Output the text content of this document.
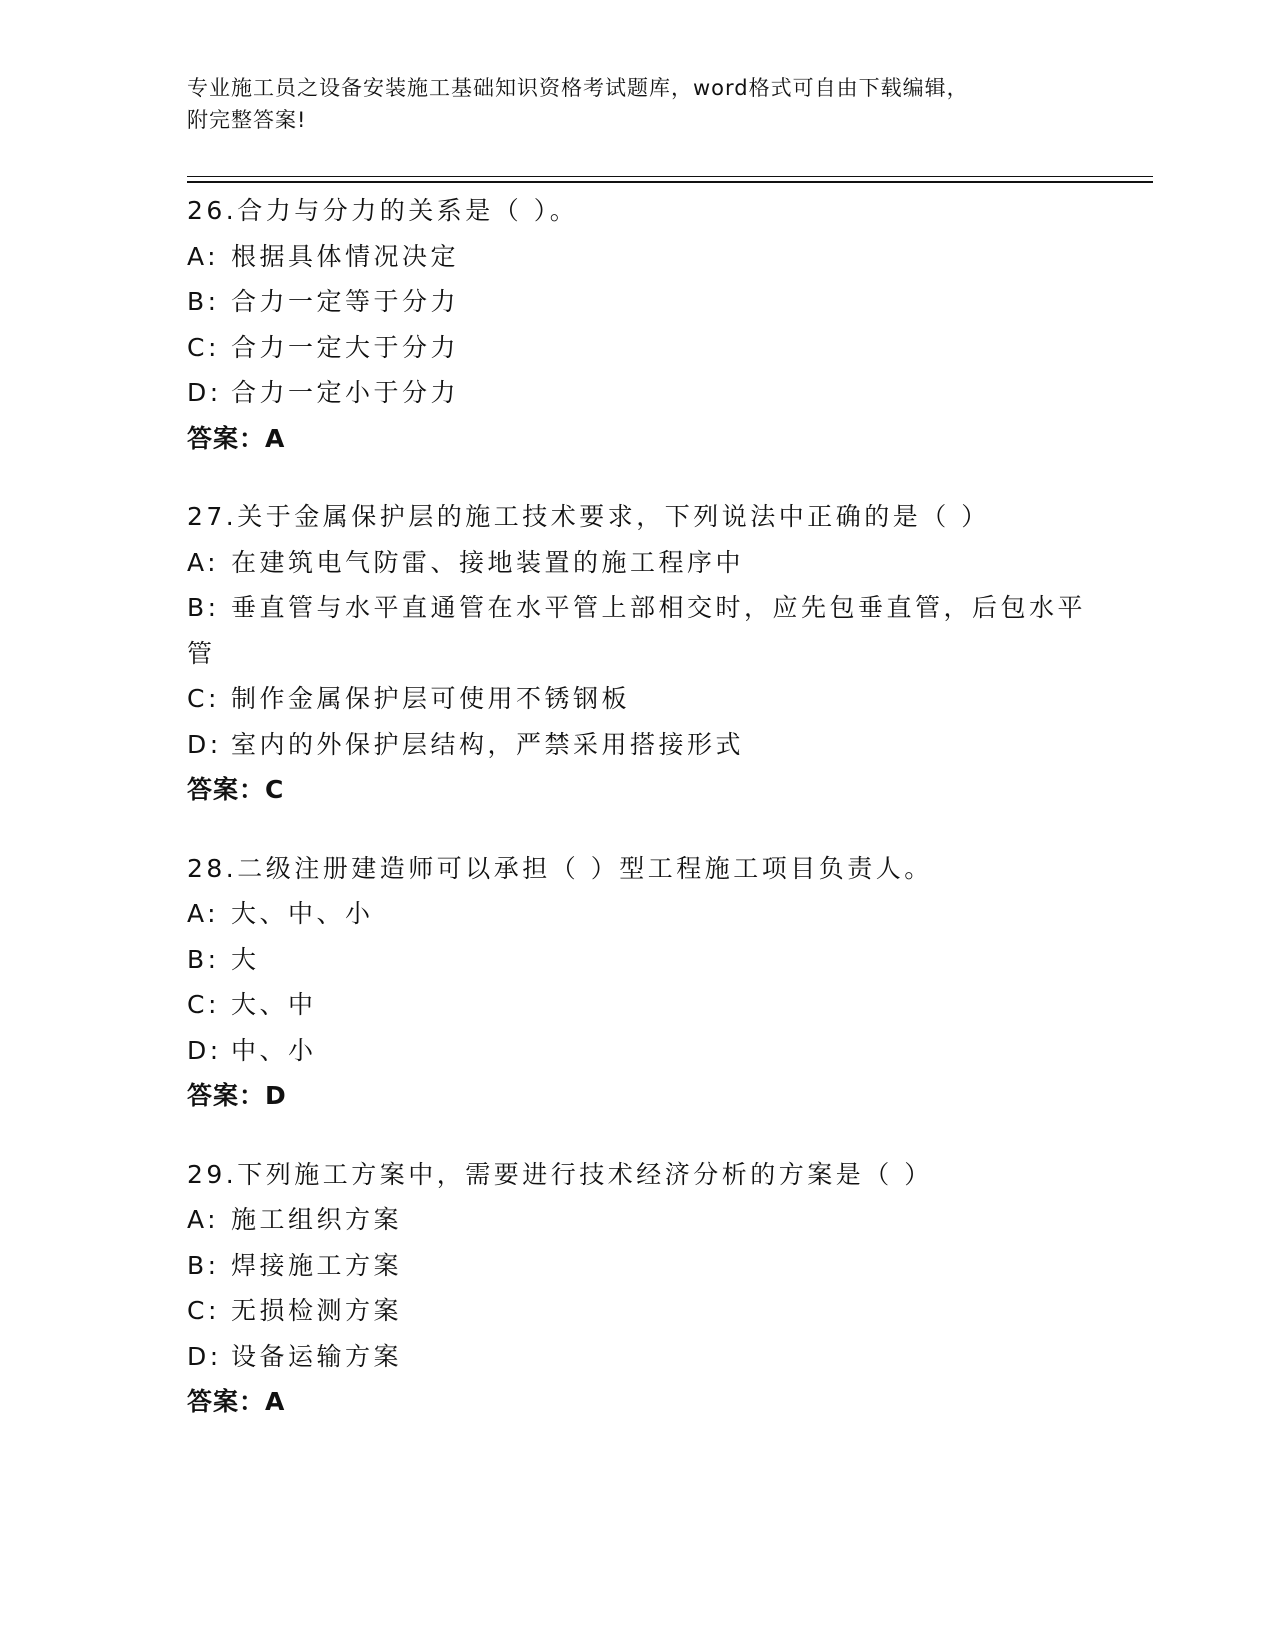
专业施工员之设备安装施工基础知识资格考试题库，word格式可自由下载编辑，
附完整答案!
26.合力与分力的关系是（ ）。
A: 根据具体情况决定
B: 合力一定等于分力
C: 合力一定大于分力
D: 合力一定小于分力
答案：A
27.关于金属保护层的施工技术要求，下列说法中正确的是（ ）
A: 在建筑电气防雷、接地装置的施工程序中
B: 垂直管与水平直通管在水平管上部相交时，应先包垂直管，后包水平管
C: 制作金属保护层可使用不锈钢板
D: 室内的外保护层结构，严禁采用搭接形式
答案：C
28.二级注册建造师可以承担（ ）型工程施工项目负责人。
A: 大、中、小
B: 大
C: 大、中
D: 中、小
答案：D
29.下列施工方案中，需要进行技术经济分析的方案是（ ）
A: 施工组织方案
B: 焊接施工方案
C: 无损检测方案
D: 设备运输方案
答案：A
